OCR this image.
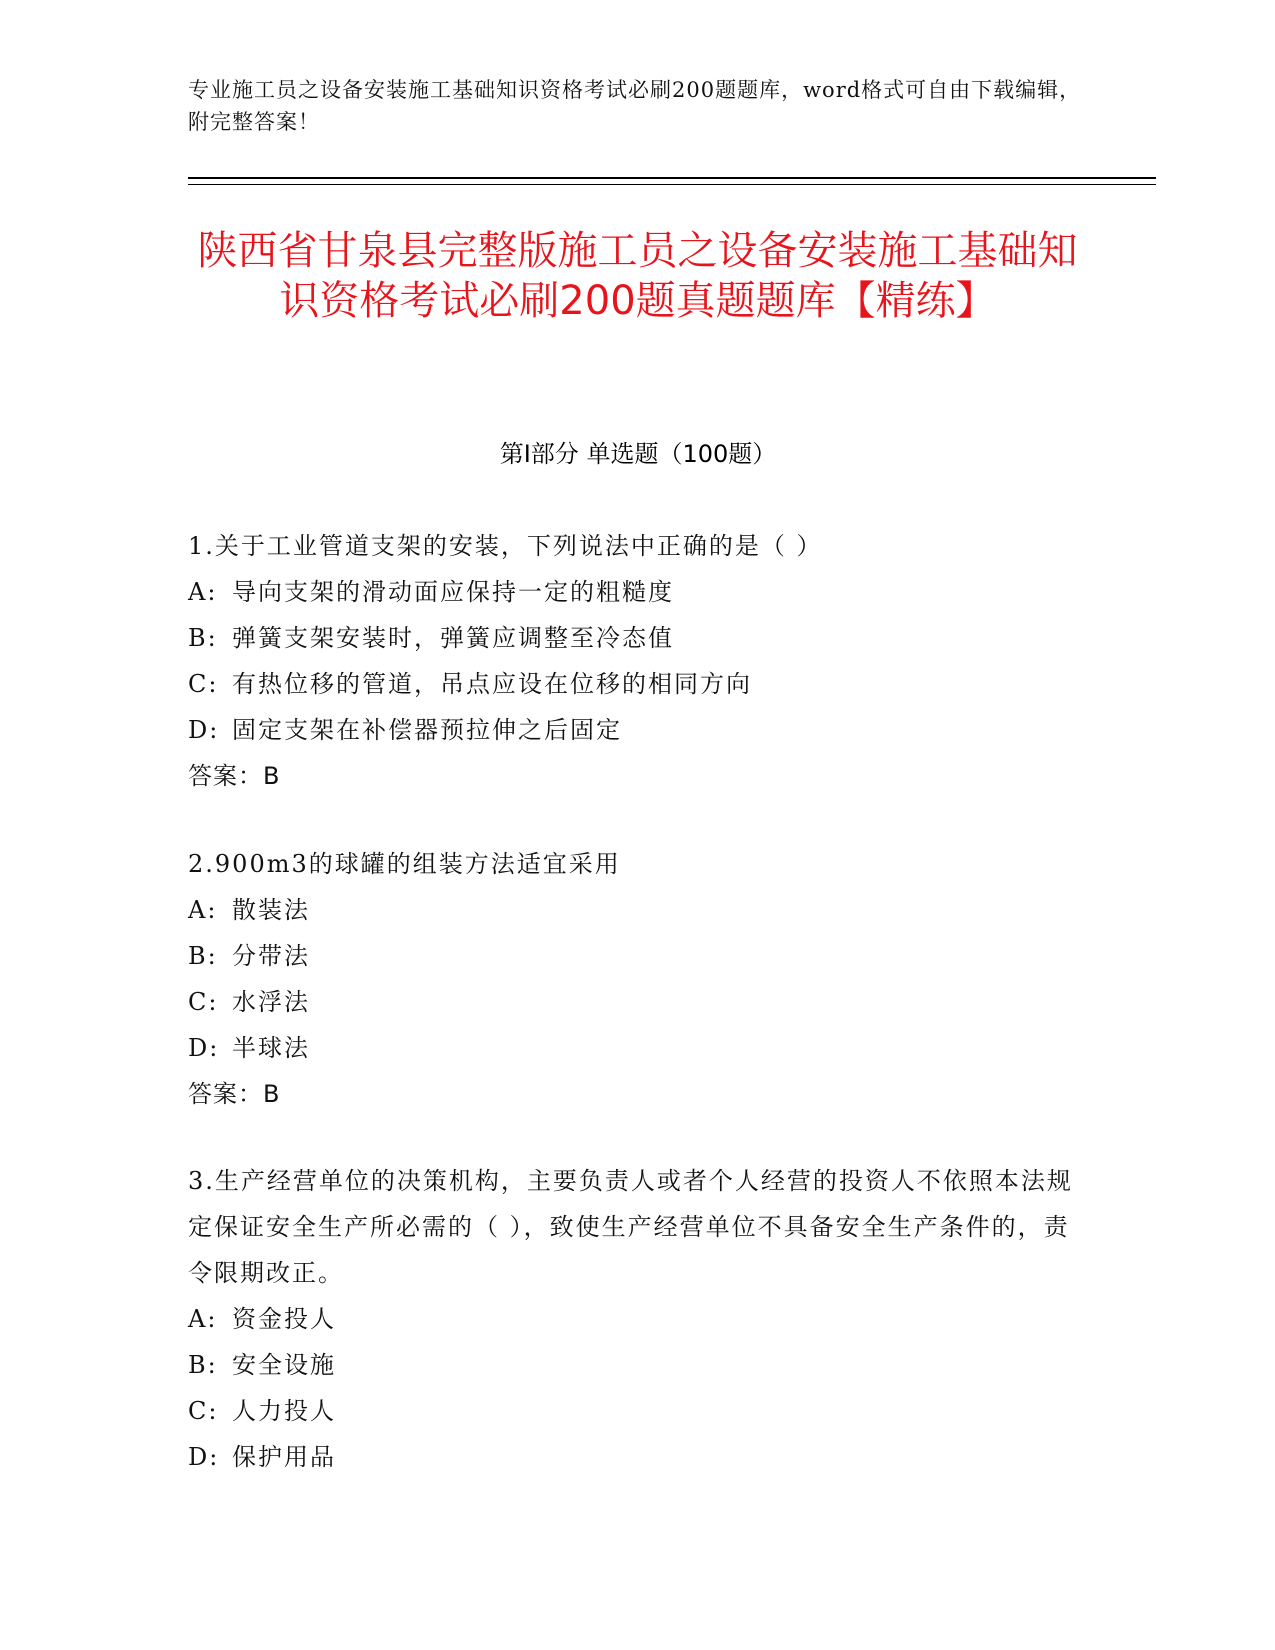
专业施工员之设备安装施工基础知识资格考试必刷200题题库，word格式可自由下载编辑，附完整答案！
陕西省甘泉县完整版施工员之设备安装施工基础知识资格考试必刷200题真题题库【精练】
第I部分 单选题（100题）
1.关于工业管道支架的安装，下列说法中正确的是（ ）
A: 导向支架的滑动面应保持一定的粗糙度
B: 弹簧支架安装时，弹簧应调整至冷态值
C: 有热位移的管道，吊点应设在位移的相同方向
D: 固定支架在补偿器预拉伸之后固定
答案：B
2.900m3的球罐的组装方法适宜采用
A: 散装法
B: 分带法
C: 水浮法
D: 半球法
答案：B
3.生产经营单位的决策机构，主要负责人或者个人经营的投资人不依照本法规定保证安全生产所必需的（ ），致使生产经营单位不具备安全生产条件的，责令限期改正。
A: 资金投人
B: 安全设施
C: 人力投人
D: 保护用品
